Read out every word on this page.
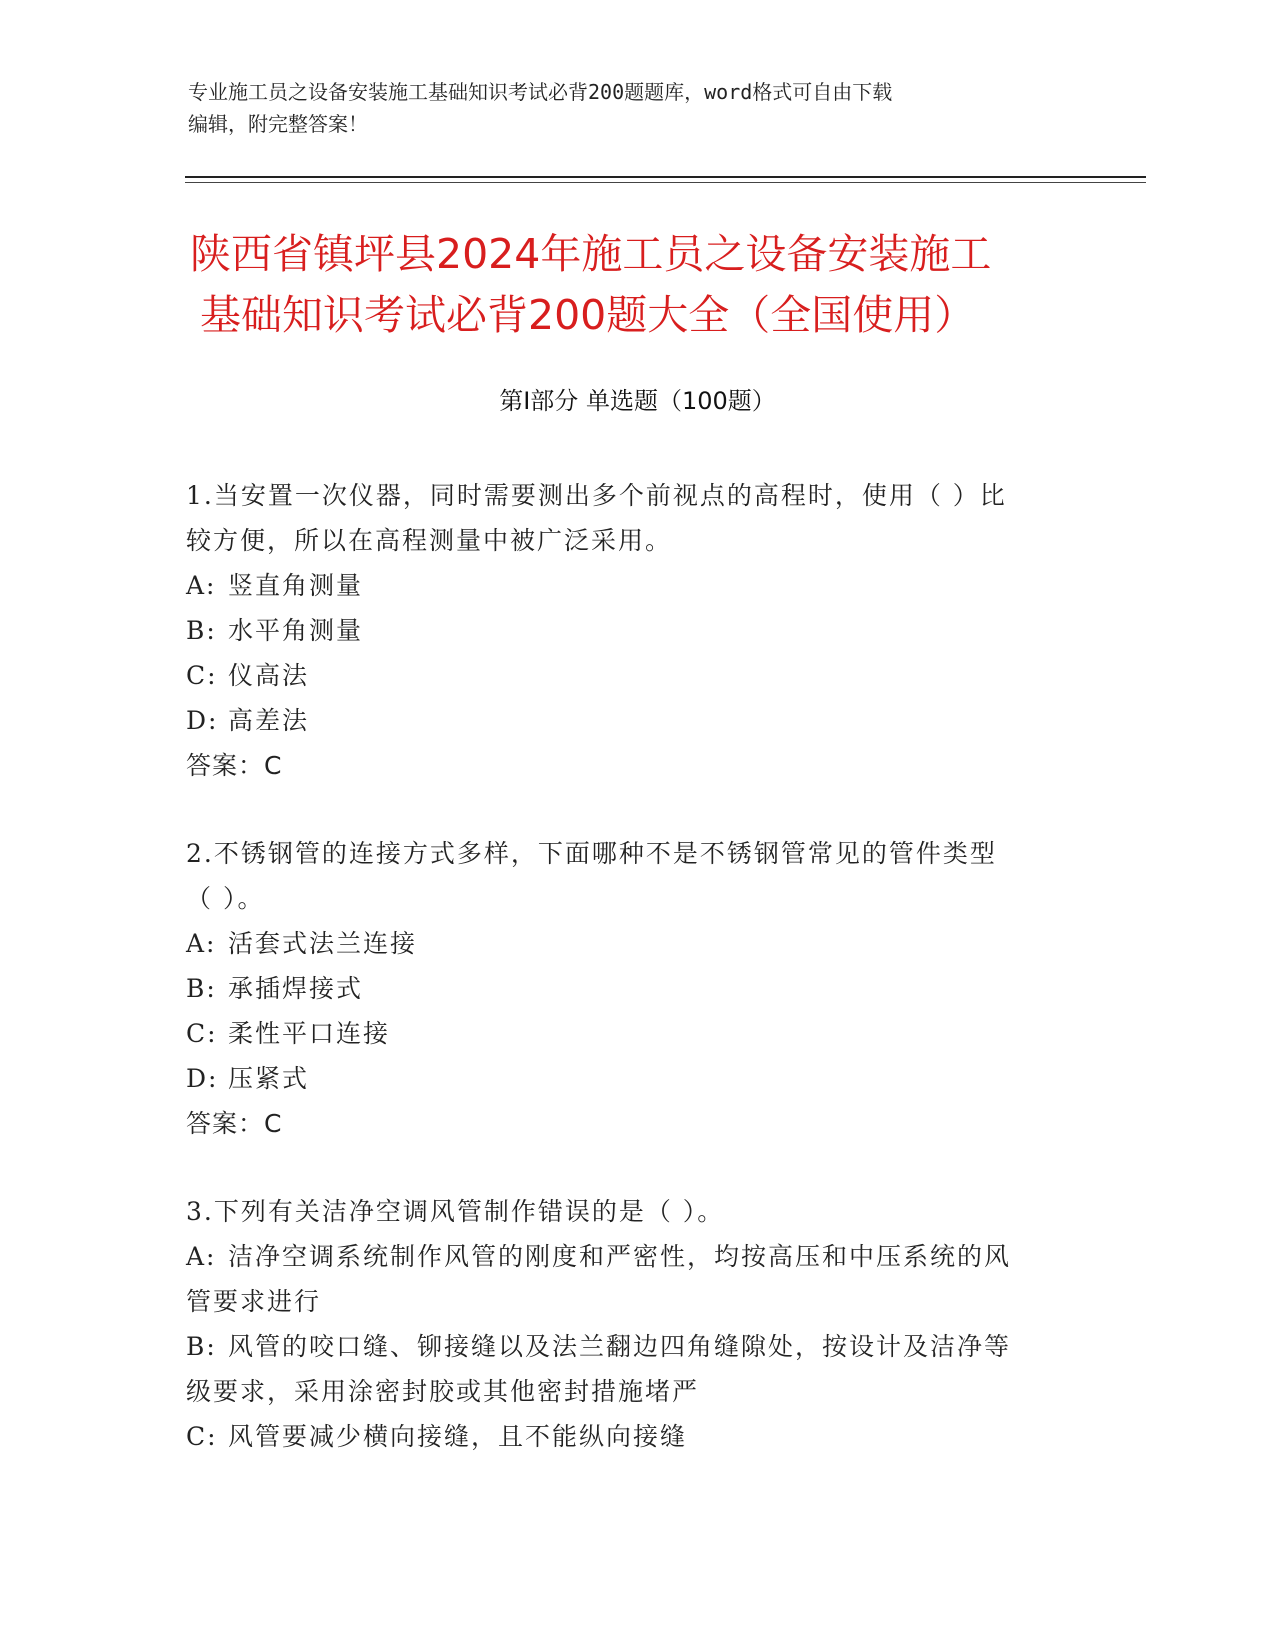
专业施工员之设备安装施工基础知识考试必背200题题库，word格式可自由下载
编辑，附完整答案！
陕西省镇坪县2024年施工员之设备安装施工
基础知识考试必背200题大全（全国使用）
第Ⅰ部分 单选题（100题）
1.当安置一次仪器，同时需要测出多个前视点的高程时，使用（ ）比
较方便，所以在高程测量中被广泛采用。
A: 竖直角测量
B: 水平角测量
C: 仪高法
D: 高差法
答案：C
2.不锈钢管的连接方式多样，下面哪种不是不锈钢管常见的管件类型
（ ）。
A: 活套式法兰连接
B: 承插焊接式
C: 柔性平口连接
D: 压紧式
答案：C
3.下列有关洁净空调风管制作错误的是（ ）。
A: 洁净空调系统制作风管的刚度和严密性，均按高压和中压系统的风
管要求进行
B: 风管的咬口缝、铆接缝以及法兰翻边四角缝隙处，按设计及洁净等
级要求，采用涂密封胶或其他密封措施堵严
C: 风管要减少横向接缝，且不能纵向接缝
